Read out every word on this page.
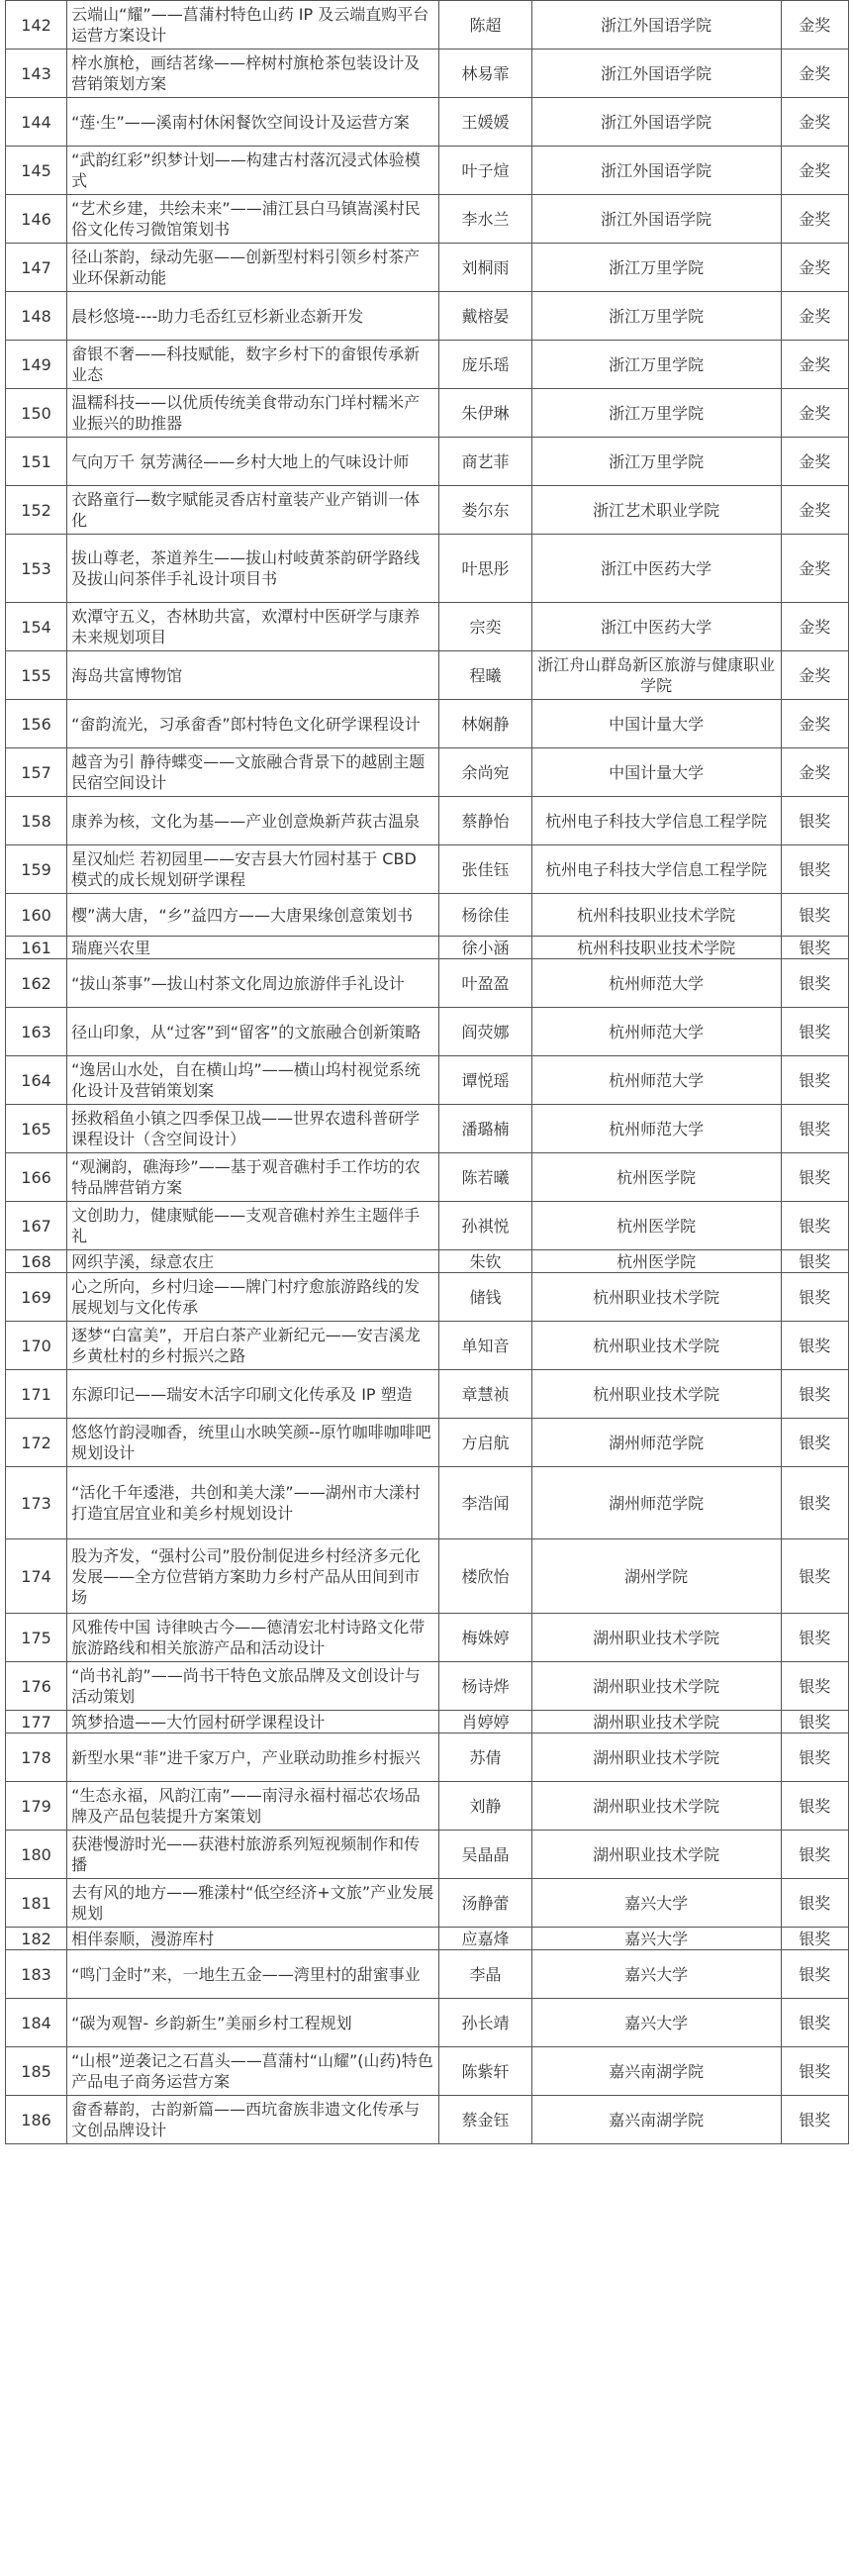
142	云端山“耀”——菖蒲村特色山药 IP 及云端直购平台运营方案设计	陈超	浙江外国语学院	金奖
143	梓水旗枪，画结茗缘——梓树村旗枪茶包装设计及营销策划方案	林易霏	浙江外国语学院	金奖
144	“莲·生”——溪南村休闲餐饮空间设计及运营方案	王媛媛	浙江外国语学院	金奖
145	“武韵红彩”织梦计划——构建古村落沉浸式体验模式	叶子煊	浙江外国语学院	金奖
146	“艺术乡建，共绘未来”——浦江县白马镇嵩溪村民俗文化传习微馆策划书	李水兰	浙江外国语学院	金奖
147	径山茶韵，绿动先驱——创新型村料引领乡村茶产业环保新动能	刘桐雨	浙江万里学院	金奖
148	晨杉悠境----助力毛岙红豆杉新业态新开发	戴榕晏	浙江万里学院	金奖
149	畲银不奢——科技赋能，数字乡村下的畲银传承新业态	庞乐瑶	浙江万里学院	金奖
150	温糯科技——以优质传统美食带动东门垟村糯米产业振兴的助推器	朱伊琳	浙江万里学院	金奖
151	气向万千 氛芳满径——乡村大地上的气味设计师	商艺菲	浙江万里学院	金奖
152	衣路童行—数字赋能灵香店村童装产业产销训一体化	娄尔东	浙江艺术职业学院	金奖
153	拔山尊老，茶道养生——拔山村岐黄茶韵研学路线及拔山问茶伴手礼设计项目书	叶思彤	浙江中医药大学	金奖
154	欢潭守五义，杏林助共富，欢潭村中医研学与康养未来规划项目	宗奕	浙江中医药大学	金奖
155	海岛共富博物馆	程曦	浙江舟山群岛新区旅游与健康职业学院	金奖
156	“畲韵流光，习承畲香”郎村特色文化研学课程设计	林娴静	中国计量大学	金奖
157	越音为引 静待蝶变——文旅融合背景下的越剧主题民宿空间设计	余尚宛	中国计量大学	金奖
158	康养为核，文化为基——产业创意焕新芦荻古温泉	蔡静怡	杭州电子科技大学信息工程学院	银奖
159	星汉灿烂 若初园里——安吉县大竹园村基于 CBD 模式的成长规划研学课程	张佳钰	杭州电子科技大学信息工程学院	银奖
160	樱”满大唐，“乡”益四方——大唐果缘创意策划书	杨徐佳	杭州科技职业技术学院	银奖
161	瑞鹿兴农里	徐小涵	杭州科技职业技术学院	银奖
162	“拔山茶事”—拔山村茶文化周边旅游伴手礼设计	叶盈盈	杭州师范大学	银奖
163	径山印象，从“过客”到“留客”的文旅融合创新策略	阎荧娜	杭州师范大学	银奖
164	“逸居山水处，自在横山坞”——横山坞村视觉系统化设计及营销策划案	谭悦瑶	杭州师范大学	银奖
165	拯救稻鱼小镇之四季保卫战——世界农遗科普研学课程设计（含空间设计）	潘璐楠	杭州师范大学	银奖
166	“观澜韵，礁海珍”——基于观音礁村手工作坊的农特品牌营销方案	陈若曦	杭州医学院	银奖
167	文创助力，健康赋能——支观音礁村养生主题伴手礼	孙祺悦	杭州医学院	银奖
168	网织芋溪，绿意农庄	朱钦	杭州医学院	银奖
169	心之所向，乡村归途——牌门村疗愈旅游路线的发展规划与文化传承	储钱	杭州职业技术学院	银奖
170	逐梦“白富美”，开启白茶产业新纪元——安吉溪龙乡黄杜村的乡村振兴之路	单知音	杭州职业技术学院	银奖
171	东源印记——瑞安木活字印刷文化传承及 IP 塑造	章慧祯	杭州职业技术学院	银奖
172	悠悠竹韵浸咖香，统里山水映笑颜--原竹咖啡咖啡吧规划设计	方启航	湖州师范学院	银奖
173	“活化千年逶港，共创和美大漾”——湖州市大漾村打造宜居宜业和美乡村规划设计	李浩闻	湖州师范学院	银奖
174	股为齐发，“强村公司”股份制促进乡村经济多元化发展——全方位营销方案助力乡村产品从田间到市场	楼欣怡	湖州学院	银奖
175	风雅传中国 诗律映古今——德清宏北村诗路文化带旅游路线和相关旅游产品和活动设计	梅姝婷	湖州职业技术学院	银奖
176	“尚书礼韵”——尚书干特色文旅品牌及文创设计与活动策划	杨诗烨	湖州职业技术学院	银奖
177	筑梦拾遗——大竹园村研学课程设计	肖婷婷	湖州职业技术学院	银奖
178	新型水果“菲”进千家万户，产业联动助推乡村振兴	苏倩	湖州职业技术学院	银奖
179	“生态永福，风韵江南”——南浔永福村福芯农场品牌及产品包装提升方案策划	刘静	湖州职业技术学院	银奖
180	获港慢游时光——获港村旅游系列短视频制作和传播	吴晶晶	湖州职业技术学院	银奖
181	去有风的地方——雅漾村“低空经济+文旅”产业发展规划	汤静蕾	嘉兴大学	银奖
182	相伴泰顺，漫游库村	应嘉烽	嘉兴大学	银奖
183	“鸣门金时”来，一地生五金——湾里村的甜蜜事业	李晶	嘉兴大学	银奖
184	“碳为观智- 乡韵新生”美丽乡村工程规划	孙长靖	嘉兴大学	银奖
185	“山根”逆袭记之石菖头——菖蒲村“山耀”(山药)特色产品电子商务运营方案	陈紫轩	嘉兴南湖学院	银奖
186	畲香幕韵，古韵新篇——西坑畲族非遗文化传承与文创品牌设计	蔡金钰	嘉兴南湖学院	银奖
